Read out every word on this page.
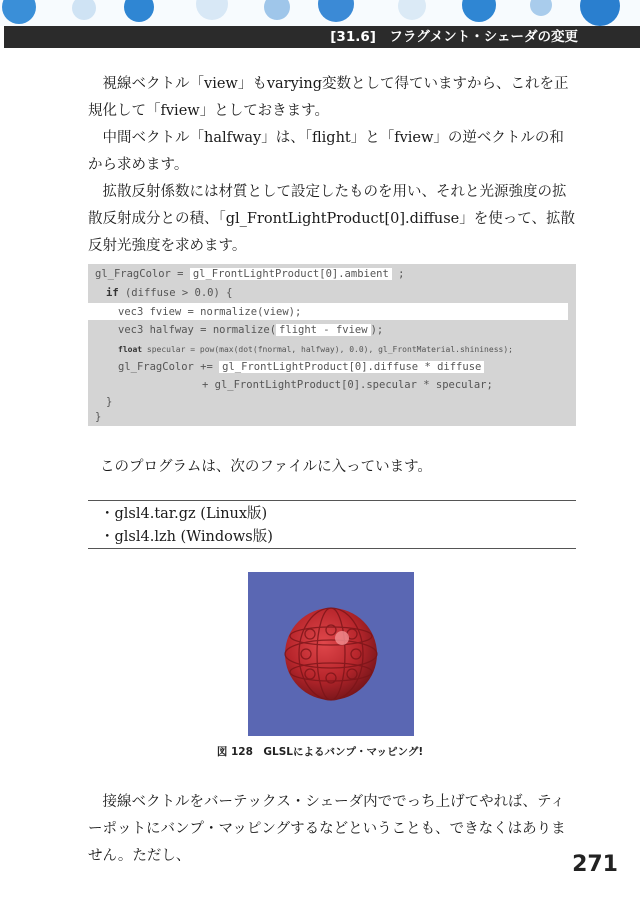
[31.6]　フラグメント・シェーダの変更

視線ベクトル「view」もvarying変数として得ていますから、これを正規化して「fview」としておきます。

中間ベクトル「halfway」は、「flight」と「fview」の逆ベクトルの和から求めます。

拡散反射係数には材質として設定したものを用い、それと光源強度の拡散反射成分との積、「gl_FrontLightProduct[0].diffuse」を使って、拡散反射光強度を求めます。

gl_FragColor = gl_FrontLightProduct[0].ambient ;
if (diffuse > 0.0) {
vec3 fview = normalize(view);
vec3 halfway = normalize( flight - fview );
float specular = pow(max(dot(fnormal, halfway), 0.0), gl_FrontMaterial.shininess);
gl_FragColor += gl_FrontLightProduct[0].diffuse * diffuse
+ gl_FrontLightProduct[0].specular * specular;
}
}

このプログラムは、次のファイルに入っています。

・glsl4.tar.gz (Linux版)

・glsl4.lzh (Windows版)

図 128　GLSLによるバンプ・マッピング!

接線ベクトルをバーテックス・シェーダ内ででっち上げてやれば、ティーポットにバンプ・マッピングするなどということも、できなくはありません。ただし、	271
